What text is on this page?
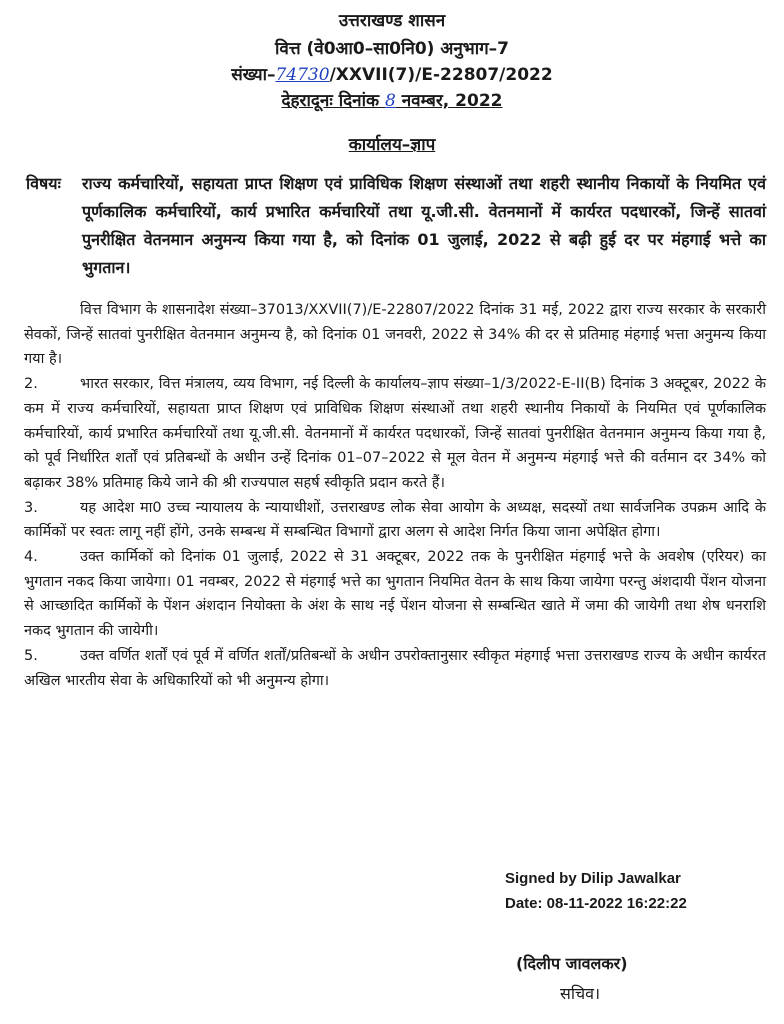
उत्तराखण्ड शासन
वित्त (वे0आ0–सा0नि0) अनुभाग–7
संख्या–74730/XXVII(7)/E-22807/2022
देहरादूनः दिनांक 8 नवम्बर, 2022
कार्यालय–ज्ञाप
विषयः	राज्य कर्मचारियों, सहायता प्राप्त शिक्षण एवं प्राविधिक शिक्षण संस्थाओं तथा शहरी स्थानीय निकायों के नियमित एवं पूर्णकालिक कर्मचारियों, कार्य प्रभारित कर्मचारियों तथा यू.जी.सी. वेतनमानों में कार्यरत पदधारकों, जिन्हें सातवां पुनरीक्षित वेतनमान अनुमन्य किया गया है, को दिनांक 01 जुलाई, 2022 से बढ़ी हुई दर पर मंहगाई भत्ते का भुगतान।

वित्त विभाग के शासनादेश संख्या–37013/XXVII(7)/E-22807/2022 दिनांक 31 मई, 2022 द्वारा राज्य सरकार के सरकारी सेवकों, जिन्हें सातवां पुनरीक्षित वेतनमान अनुमन्य है, को दिनांक 01 जनवरी, 2022 से 34% की दर से प्रतिमाह मंहगाई भत्ता अनुमन्य किया गया है।

2.	भारत सरकार, वित्त मंत्रालय, व्यय विभाग, नई दिल्ली के कार्यालय–ज्ञाप संख्या–1/3/2022-E-II(B) दिनांक 3 अक्टूबर, 2022 के कम में राज्य कर्मचारियों, सहायता प्राप्त शिक्षण एवं प्राविधिक शिक्षण संस्थाओं तथा शहरी स्थानीय निकायों के नियमित एवं पूर्णकालिक कर्मचारियों, कार्य प्रभारित कर्मचारियों तथा यू.जी.सी. वेतनमानों में कार्यरत पदधारकों, जिन्हें सातवां पुनरीक्षित वेतनमान अनुमन्य किया गया है, को पूर्व निर्धारित शर्तों एवं प्रतिबन्धों के अधीन उन्हें दिनांक 01–07–2022 से मूल वेतन में अनुमन्य मंहगाई भत्ते की वर्तमान दर 34% को बढ़ाकर 38% प्रतिमाह किये जाने की श्री राज्यपाल सहर्ष स्वीकृति प्रदान करते हैं।

3.	यह आदेश मा0 उच्च न्यायालय के न्यायाधीशों, उत्तराखण्ड लोक सेवा आयोग के अध्यक्ष, सदस्यों तथा सार्वजनिक उपक्रम आदि के कार्मिकों पर स्वतः लागू नहीं होंगे, उनके सम्बन्ध में सम्बन्धित विभागों द्वारा अलग से आदेश निर्गत किया जाना अपेक्षित होगा।

4.	उक्त कार्मिकों को दिनांक 01 जुलाई, 2022 से 31 अक्टूबर, 2022 तक के पुनरीक्षित मंहगाई भत्ते के अवशेष (एरियर) का भुगतान नकद किया जायेगा। 01 नवम्बर, 2022 से मंहगाई भत्ते का भुगतान नियमित वेतन के साथ किया जायेगा परन्तु अंशदायी पेंशन योजना से आच्छादित कार्मिकों के पेंशन अंशदान नियोक्ता के अंश के साथ नई पेंशन योजना से सम्बन्धित खाते में जमा की जायेगी तथा शेष धनराशि नकद भुगतान की जायेगी।

5.	उक्त वर्णित शर्तों एवं पूर्व में वर्णित शर्तों/प्रतिबन्धों के अधीन उपरोक्तानुसार स्वीकृत मंहगाई भत्ता उत्तराखण्ड राज्य के अधीन कार्यरत अखिल भारतीय सेवा के अधिकारियों को भी अनुमन्य होगा।

Signed by Dilip Jawalkar
Date: 08-11-2022 16:22:22
(दिलीप जावलकर)
सचिव।
